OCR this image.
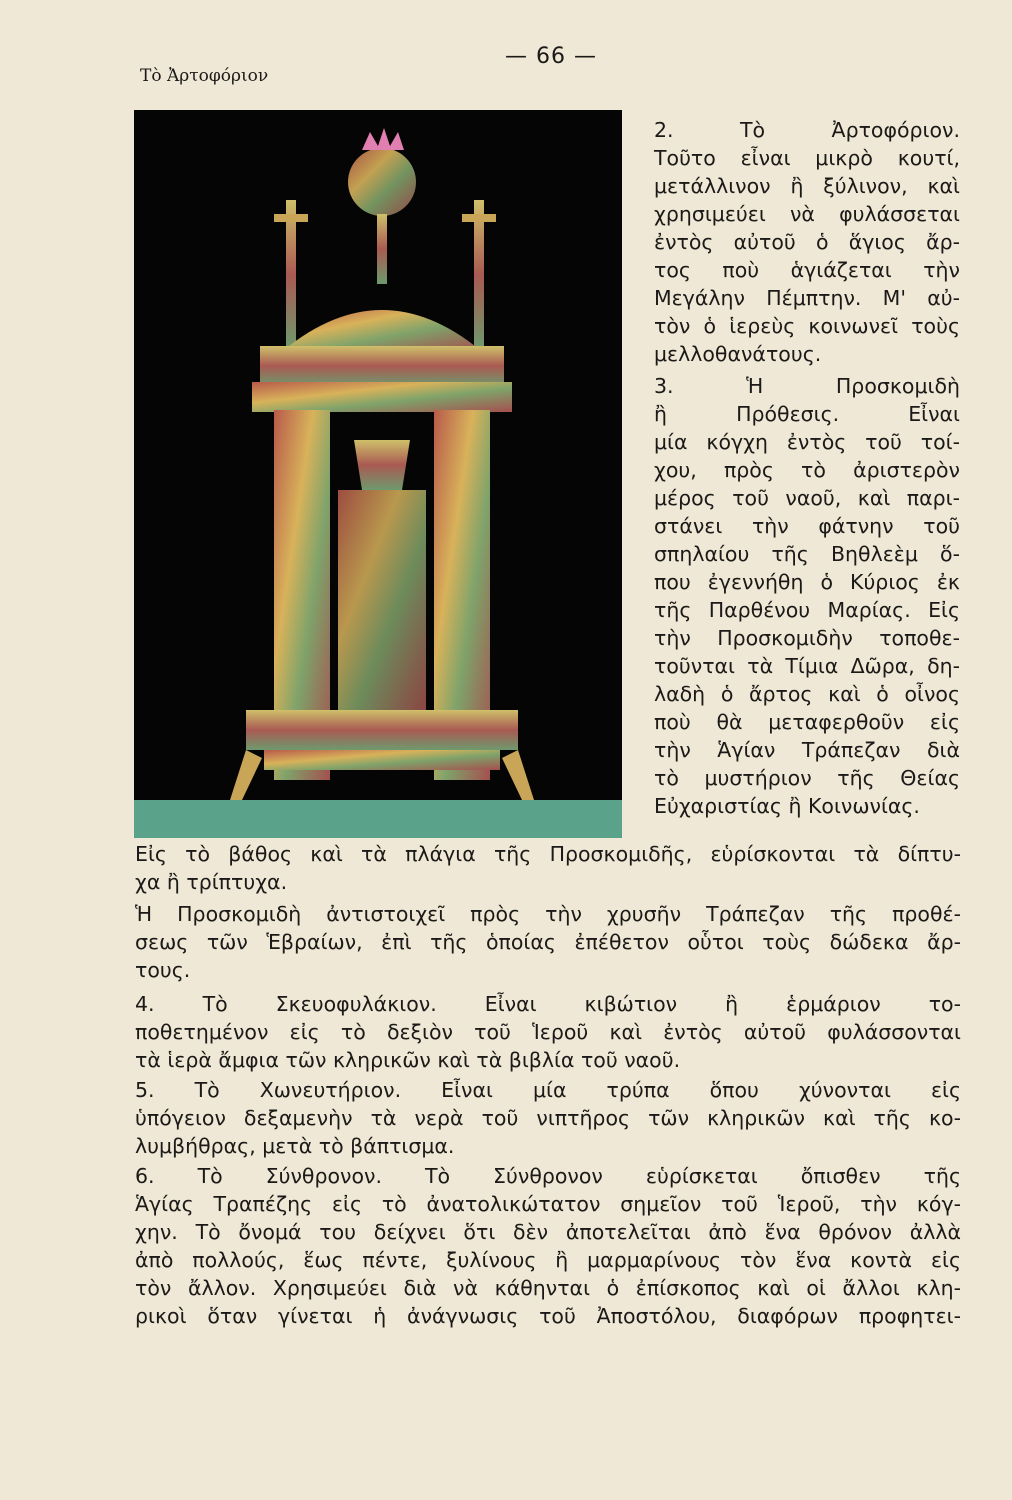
Τὸ Ἀρτοφόριον
— 66 —
2. Τὸ Ἀρτοφόριον.
Τοῦτο εἶναι μικρὸ κουτί,
μετάλλινον ἢ ξύλινον, καὶ
χρησιμεύει νὰ φυλάσσεται
ἐντὸς αὐτοῦ ὁ ἅγιος ἄρ-
τος ποὺ ἁγιάζεται τὴν
Μεγάλην Πέμπτην. Μ' αὐ-
τὸν ὁ ἱερεὺς κοινωνεῖ τοὺς
μελλοθανάτους.
3. Ἡ Προσκομιδὴ
ἢ Πρόθεσις. Εἶναι
μία κόγχη ἐντὸς τοῦ τοί-
χου, πρὸς τὸ ἀριστερὸν
μέρος τοῦ ναοῦ, καὶ παρι-
στάνει τὴν φάτνην τοῦ
σπηλαίου τῆς Βηθλεὲμ ὅ-
που ἐγεννήθη ὁ Κύριος ἐκ
τῆς Παρθένου Μαρίας. Εἰς
τὴν Προσκομιδὴν τοποθε-
τοῦνται τὰ Τίμια Δῶρα, δη-
λαδὴ ὁ ἄρτος καὶ ὁ οἶνος
ποὺ θὰ μεταφερθοῦν εἰς
τὴν Ἁγίαν Τράπεζαν διὰ
τὸ μυστήριον τῆς Θείας
Εὐχαριστίας ἢ Κοινωνίας.
Εἰς τὸ βάθος καὶ τὰ πλάγια τῆς Προσκομιδῆς, εὑρίσκονται τὰ δίπτυ-
χα ἢ τρίπτυχα.
Ἡ Προσκομιδὴ ἀντιστοιχεῖ πρὸς τὴν χρυσῆν Τράπεζαν τῆς προθέ-
σεως τῶν Ἑβραίων, ἐπὶ τῆς ὁποίας ἐπέθετον οὗτοι τοὺς δώδεκα ἄρ-
τους.
4. Τὸ Σκευοφυλάκιον. Εἶναι κιβώτιον ἢ ἑρμάριον το-
ποθετημένον εἰς τὸ δεξιὸν τοῦ Ἱεροῦ καὶ ἐντὸς αὐτοῦ φυλάσσονται
τὰ ἱερὰ ἄμφια τῶν κληρικῶν καὶ τὰ βιβλία τοῦ ναοῦ.
5. Τὸ Χωνευτήριον. Εἶναι μία τρύπα ὅπου χύνονται εἰς
ὑπόγειον δεξαμενὴν τὰ νερὰ τοῦ νιπτῆρος τῶν κληρικῶν καὶ τῆς κο-
λυμβήθρας, μετὰ τὸ βάπτισμα.
6. Τὸ Σύνθρονον. Τὸ Σύνθρονον εὑρίσκεται ὄπισθεν τῆς
Ἁγίας Τραπέζης εἰς τὸ ἀνατολικώτατον σημεῖον τοῦ Ἱεροῦ, τὴν κόγ-
χην. Τὸ ὄνομά του δείχνει ὅτι δὲν ἀποτελεῖται ἀπὸ ἕνα θρόνον ἀλλὰ
ἀπὸ πολλούς, ἕως πέντε, ξυλίνους ἢ μαρμαρίνους τὸν ἕνα κοντὰ εἰς
τὸν ἄλλον. Χρησιμεύει διὰ νὰ κάθηνται ὁ ἐπίσκοπος καὶ οἱ ἄλλοι κλη-
ρικοὶ ὅταν γίνεται ἡ ἀνάγνωσις τοῦ Ἀποστόλου, διαφόρων προφητει-
